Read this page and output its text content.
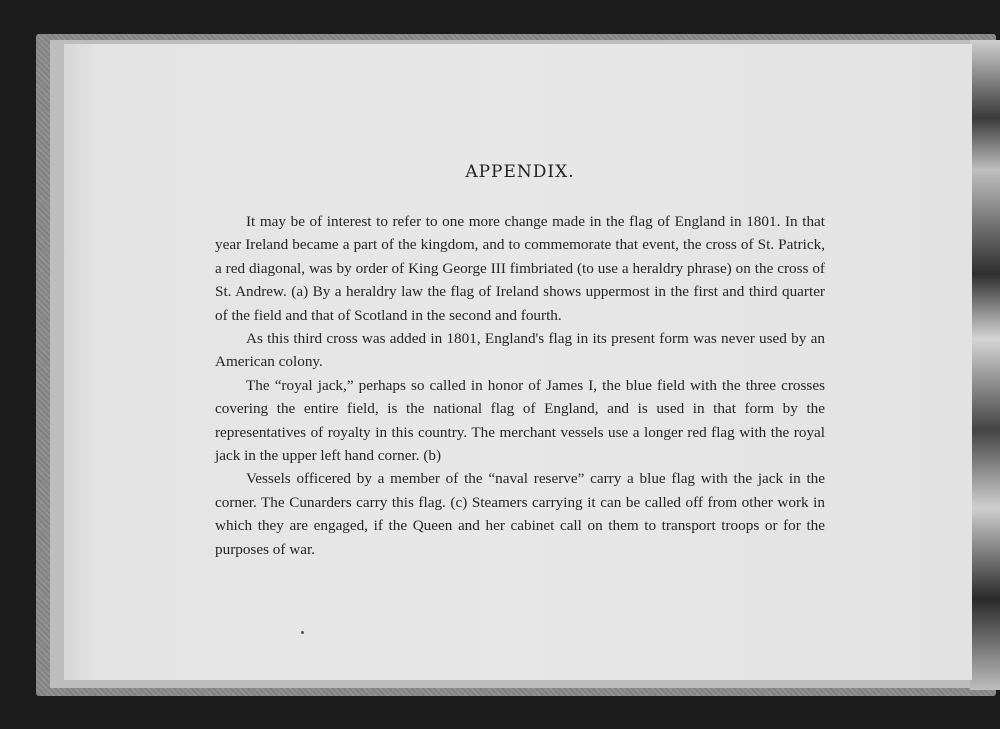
APPENDIX.

It may be of interest to refer to one more change made in the flag of England in 1801. In that year Ireland became a part of the kingdom, and to commemorate that event, the cross of St. Patrick, a red diagonal, was by order of King George III fimbriated (to use a heraldry phrase) on the cross of St. Andrew. (a) By a heraldry law the flag of Ireland shows uppermost in the first and third quarter of the field and that of Scotland in the second and fourth.

As this third cross was added in 1801, England's flag in its present form was never used by an American colony.

The “royal jack,” perhaps so called in honor of James I, the blue field with the three crosses covering the entire field, is the national flag of England, and is used in that form by the representatives of royalty in this country. The merchant vessels use a longer red flag with the royal jack in the upper left hand corner. (b)

Vessels officered by a member of the “naval reserve” carry a blue flag with the jack in the corner. The Cunarders carry this flag. (c) Steamers carrying it can be called off from other work in which they are engaged, if the Queen and her cabinet call on them to transport troops or for the purposes of war.
